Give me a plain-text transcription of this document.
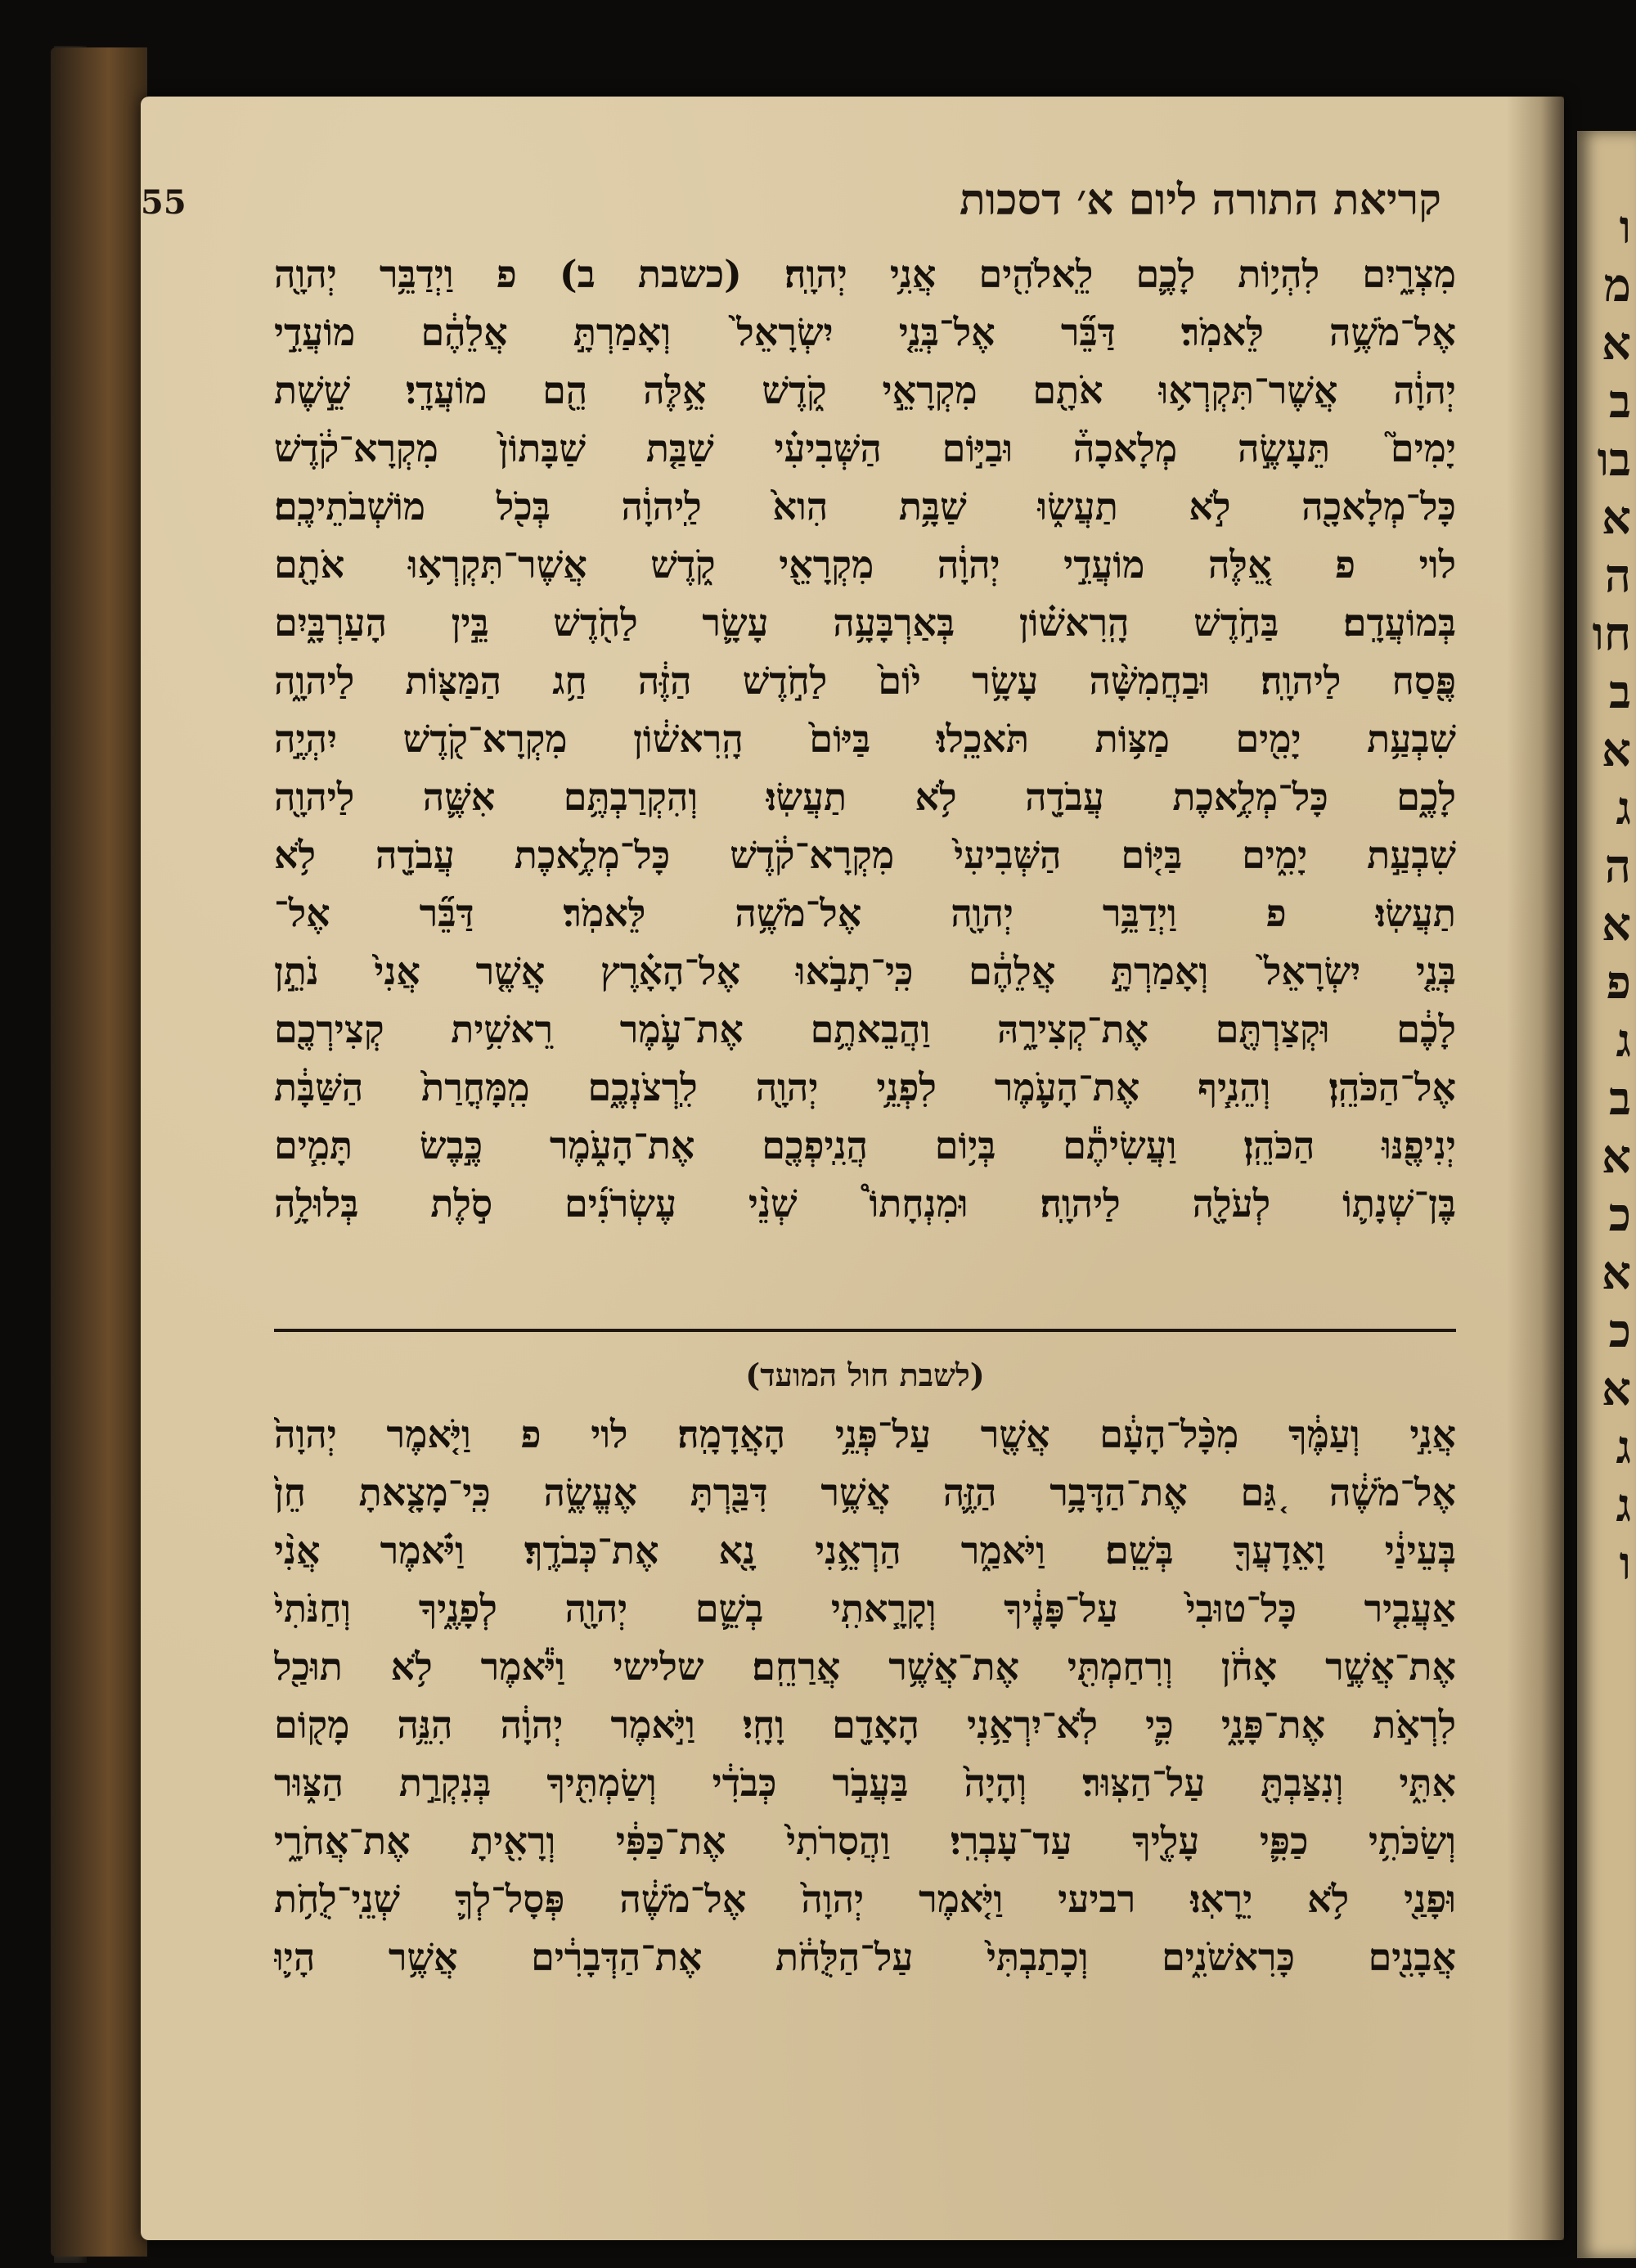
ו
מ
א
ב
בו
א
ה
חו
ב
א
ג
ה
א
פ
ג
ב
א
כ
א
כ
א
ג
ג
ו
55	קריאת התורה ליום א׳ דסכות
מִצְרָ֑יִם לִהְי֥וֹת לָכֶ֛ם לֵֽאלֹהִ֖ים אֲנִ֥י יְהוָֽה׃ (כשבת ב) פ וַיְדַבֵּ֥ר יְהוָ֖ה
אֶל־מֹשֶׁ֥ה לֵּאמֹֽר׃ דַּבֵּ֞ר אֶל־בְּנֵ֤י יִשְׂרָאֵל֙ וְאָמַרְתָּ֣ אֲלֵהֶ֔ם מוֹעֲדֵ֣י
יְהוָ֔ה אֲשֶׁר־תִּקְרְא֥וּ אֹתָ֖ם מִקְרָאֵ֣י קֹ֑דֶשׁ אֵ֥לֶּה הֵ֖ם מוֹעֲדָֽי׃ שֵׁ֣שֶׁת
יָמִים֮ תֵּעָשֶׂ֣ה מְלָאכָה֒ וּבַיּ֣וֹם הַשְּׁבִיעִ֗י שַׁבַּ֤ת שַׁבָּתוֹן֙ מִקְרָא־קֹ֔דֶשׁ
כָּל־מְלָאכָ֖ה לֹ֣א תַעֲשׂ֑וּ שַׁבָּ֥ת הִוא֙ לַֽיהוָ֔ה בְּכֹ֖ל מוֹשְׁבֹתֵיכֶֽם׃
לוי פ אֵ֚לֶּה מוֹעֲדֵ֣י יְהוָ֔ה מִקְרָאֵ֖י קֹ֑דֶשׁ אֲשֶׁר־תִּקְרְא֥וּ אֹתָ֖ם
בְּמוֹעֲדָֽם׃ בַּחֹ֣דֶשׁ הָֽרִאשׁ֗וֹן בְּאַרְבָּעָ֥ה עָשָׂ֛ר לַחֹ֖דֶשׁ בֵּ֣ין הָעַרְבָּ֑יִם
פֶּ֖סַח לַיהוָֽה׃ וּבַחֲמִשָּׁ֨ה עָשָׂ֥ר י֙וֹם֙ לַחֹ֣דֶשׁ הַזֶּ֔ה חַ֥ג הַמַּצּ֖וֹת לַיהוָ֑ה
שִׁבְעַ֥ת יָמִ֖ים מַצּ֥וֹת תֹּאכֵֽלוּ׃ בַּיּוֹם֙ הָֽרִאשׁ֔וֹן מִקְרָא־קֹ֖דֶשׁ יִהְיֶ֣ה
לָכֶ֑ם כָּל־מְלֶ֥אכֶת עֲבֹדָ֖ה לֹ֥א תַעֲשֽׂוּ׃ וְהִקְרַבְתֶּ֥ם אִשֶּׁ֛ה לַיהוָ֖ה
שִׁבְעַ֣ת יָמִ֑ים בַּיּ֤וֹם הַשְּׁבִיעִי֙ מִקְרָא־קֹ֔דֶשׁ כָּל־מְלֶ֥אכֶת עֲבֹדָ֖ה לֹ֥א
תַעֲשֽׂוּ׃ פ וַיְדַבֵּ֥ר יְהוָ֖ה אֶל־מֹשֶׁ֥ה לֵּאמֹֽר׃ דַּבֵּ֞ר אֶל־
בְּנֵ֤י יִשְׂרָאֵל֙ וְאָמַרְתָּ֣ אֲלֵהֶ֔ם כִּֽי־תָבֹ֣אוּ אֶל־הָאָ֗רֶץ אֲשֶׁ֤ר אֲנִי֙ נֹתֵ֣ן
לָכֶ֔ם וּקְצַרְתֶּ֖ם אֶת־קְצִירָ֑הּ וַהֲבֵאתֶ֥ם אֶת־עֹ֛מֶר רֵאשִׁ֥ית קְצִירְכֶ֖ם
אֶל־הַכֹּהֵֽן׃ וְהֵנִ֧יף אֶת־הָעֹ֛מֶר לִפְנֵ֥י יְהוָ֖ה לִֽרְצֹנְכֶ֑ם מִֽמָּחֳרַת֙ הַשַּׁבָּ֔ת
יְנִיפֶ֖נּוּ הַכֹּהֵֽן׃ וַעֲשִׂיתֶ֕ם בְּי֥וֹם הֲנִֽיפְכֶ֖ם אֶת־הָעֹ֑מֶר כֶּ֣בֶשׂ תָּמִ֧ים
בֶּן־שְׁנָת֛וֹ לְעֹלָ֖ה לַיהוָֽה׃ וּמִנְחָתוֹ֩ שְׁנֵ֨י עֶשְׂרֹנִ֜ים סֹ֣לֶת בְּלוּלָ֥ה
(לשבת חול המועד)
אֲנִ֣י וְעַמֶּ֔ךָ מִכָּ֨ל־הָעָ֔ם אֲשֶׁ֖ר עַל־פְּנֵ֥י הָאֲדָמָֽה׃ לוי פ וַיֹּ֤אמֶר יְהוָה֙
אֶל־מֹשֶׁ֔ה גַּ֚ם אֶת־הַדָּבָ֥ר הַזֶּ֛ה אֲשֶׁ֥ר דִּבַּ֖רְתָּ אֶעֱשֶׂ֑ה כִּֽי־מָצָ֤אתָ חֵן֙
בְּעֵינַ֔י וָאֵדָעֲךָ֖ בְּשֵֽׁם׃ וַיֹּאמַ֑ר הַרְאֵ֥נִי נָ֖א אֶת־כְּבֹדֶֽךָ׃ וַיֹּ֗אמֶר אֲנִ֨י
אַעֲבִ֤יר כָּל־טוּבִי֙ עַל־פָּנֶ֔יךָ וְקָרָ֧אתִֽי בְשֵׁ֛ם יְהוָ֖ה לְפָנֶ֑יךָ וְחַנֹּתִי֙
אֶת־אֲשֶׁ֣ר אָחֹ֔ן וְרִחַמְתִּ֖י אֶת־אֲשֶׁ֥ר אֲרַחֵֽם׃ שלישי וַיֹּ֕אמֶר לֹ֥א תוּכַ֖ל
לִרְאֹ֣ת אֶת־פָּנָ֑י כִּ֛י לֹֽא־יִרְאַ֥נִי הָאָדָ֖ם וָחָֽי׃ וַיֹּ֣אמֶר יְהוָ֔ה הִנֵּ֥ה מָק֖וֹם
אִתִּ֑י וְנִצַּבְתָּ֖ עַל־הַצּֽוּר׃ וְהָיָה֙ בַּעֲבֹ֣ר כְּבֹדִ֔י וְשַׂמְתִּ֖יךָ בְּנִקְרַ֣ת הַצּ֑וּר
וְשַׂכֹּתִ֥י כַפִּ֛י עָלֶ֖יךָ עַד־עָבְרִֽי׃ וַהֲסִרֹתִי֙ אֶת־כַּפִּ֔י וְרָאִ֖יתָ אֶת־אֲחֹרָ֑י
וּפָנַ֖י לֹ֥א יֵרָאֽוּ׃ רביעי וַיֹּ֤אמֶר יְהוָה֙ אֶל־מֹשֶׁ֔ה פְּסָל־לְךָ֛ שְׁנֵֽי־לֻחֹ֥ת
אֲבָנִ֖ים כָּרִאשֹׁנִ֑ים וְכָתַבְתִּי֙ עַל־הַלֻּחֹ֔ת אֶת־הַדְּבָרִ֔ים אֲשֶׁ֥ר הָי֛וּ
